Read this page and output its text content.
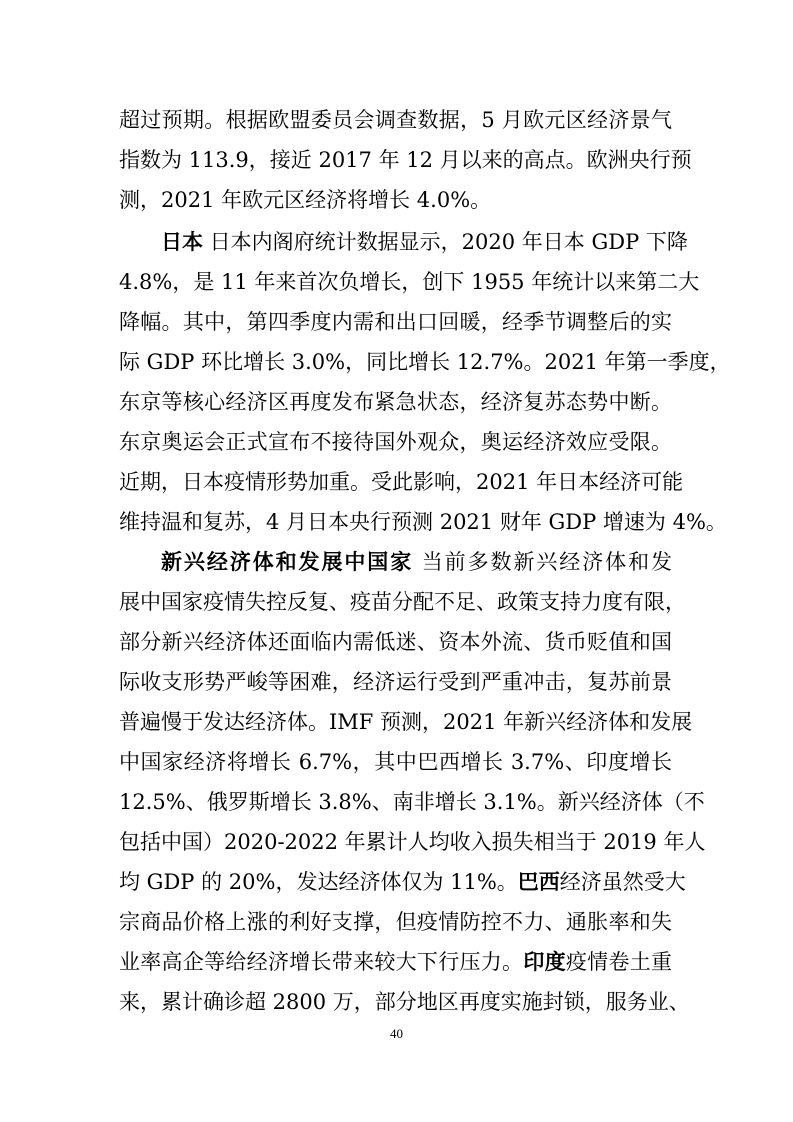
超过预期。根据欧盟委员会调查数据，5 月欧元区经济景气
指数为 113.9，接近 2017 年 12 月以来的高点。欧洲央行预
测，2021 年欧元区经济将增长 4.0%。
日本 日本内阁府统计数据显示，2020 年日本 GDP 下降
4.8%，是 11 年来首次负增长，创下 1955 年统计以来第二大
降幅。其中，第四季度内需和出口回暖，经季节调整后的实
际 GDP 环比增长 3.0%，同比增长 12.7%。2021 年第一季度，
东京等核心经济区再度发布紧急状态，经济复苏态势中断。
东京奥运会正式宣布不接待国外观众，奥运经济效应受限。
近期，日本疫情形势加重。受此影响，2021 年日本经济可能
维持温和复苏，4 月日本央行预测 2021 财年 GDP 增速为 4%。
新兴经济体和发展中国家 当前多数新兴经济体和发
展中国家疫情失控反复、疫苗分配不足、政策支持力度有限，
部分新兴经济体还面临内需低迷、资本外流、货币贬值和国
际收支形势严峻等困难，经济运行受到严重冲击，复苏前景
普遍慢于发达经济体。IMF 预测，2021 年新兴经济体和发展
中国家经济将增长 6.7%，其中巴西增长 3.7%、印度增长
12.5%、俄罗斯增长 3.8%、南非增长 3.1%。新兴经济体（不
包括中国）2020-2022 年累计人均收入损失相当于 2019 年人
均 GDP 的 20%，发达经济体仅为 11%。巴西经济虽然受大
宗商品价格上涨的利好支撑，但疫情防控不力、通胀率和失
业率高企等给经济增长带来较大下行压力。印度疫情卷土重
来，累计确诊超 2800 万，部分地区再度实施封锁，服务业、
40
